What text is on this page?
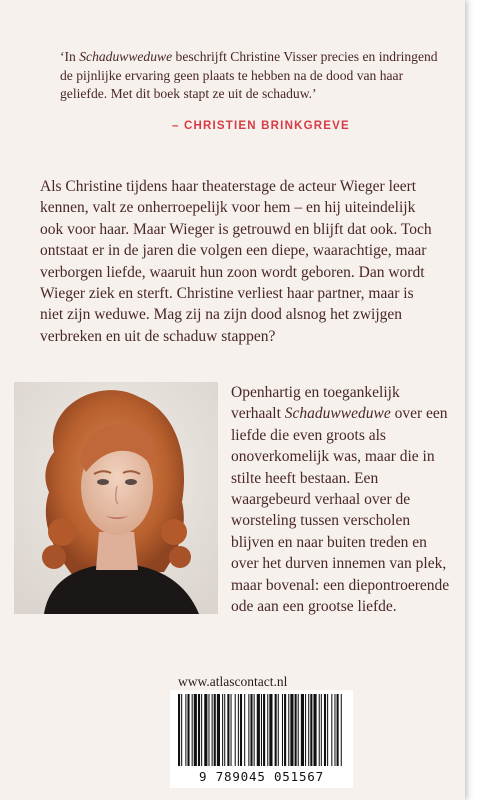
‘In Schaduwweduwe beschrijft Christine Visser precies en indringend de pijnlijke ervaring geen plaats te hebben na de dood van haar geliefde. Met dit boek stapt ze uit de schaduw.’
– CHRISTIEN BRINKGREVE
Als Christine tijdens haar theaterstage de acteur Wieger leert kennen, valt ze onherroepelijk voor hem – en hij uiteindelijk ook voor haar. Maar Wieger is getrouwd en blijft dat ook. Toch ontstaat er in de jaren die volgen een diepe, waarachtige, maar verborgen liefde, waaruit hun zoon wordt geboren. Dan wordt Wieger ziek en sterft. Christine verliest haar partner, maar is niet zijn weduwe. Mag zij na zijn dood alsnog het zwijgen verbreken en uit de schaduw stappen?
Openhartig en toegankelijk verhaalt Schaduwweduwe over een liefde die even groots als onoverkomelijk was, maar die in stilte heeft bestaan. Een waargebeurd verhaal over de worsteling tussen verscholen blijven en naar buiten treden en over het durven innemen van plek, maar bovenal: een diepontroerende ode aan een grootse liefde.
www.atlascontact.nl
9 789045 051567
